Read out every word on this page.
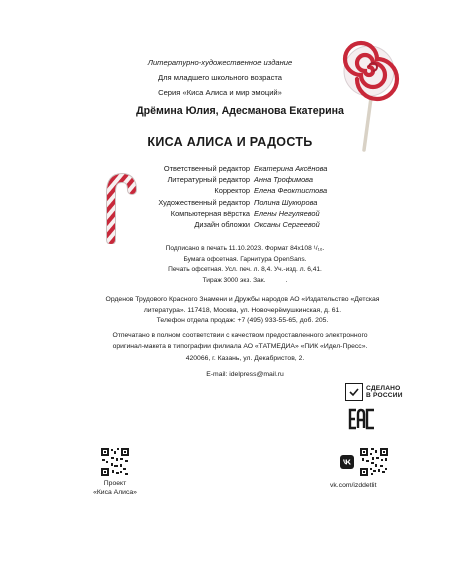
Литературно-художественное издание
Для младшего школьного возраста
Серия «Киса Алиса и мир эмоций»
Дрёмина Юлия, Адесманова Екатерина
КИСА АЛИСА И РАДОСТЬ
Ответственный редактор Екатерина Аксёнова
Литературный редактор Анна Трофимова
Корректор Елена Феоктистова
Художественный редактор Полина Шукюрова
Компьютерная вёрстка Елены Негуляевой
Дизайн обложки Оксаны Сергеевой
Подписано в печать 11.10.2023. Формат 84x108 ¹/₁₆.
Бумага офсетная. Гарнитура OpenSans.
Печать офсетная. Усл. печ. л. 8,4. Уч.-изд. л. 6,41.
Тираж 3000 экз. Зак.           .
Орденов Трудового Красного Знамени и Дружбы народов АО «Издательство «Детская
литература». 117418, Москва, ул. Новочерёмушкинская, д. 61.
Телефон отдела продаж: +7 (495) 933-55-65, доб. 205.
Отпечатано в полном соответствии с качеством предоставленного электронного
оригинал-макета в типографии филиала АО «ТАТМЕДИА» «ПИК «Идел-Пресс».
420066, г. Казань, ул. Декабристов, 2.
E-mail: idelpress@mail.ru
СДЕЛАНО
В РОССИИ
Проект
«Киса Алиса»
vk.com/izddetlit
